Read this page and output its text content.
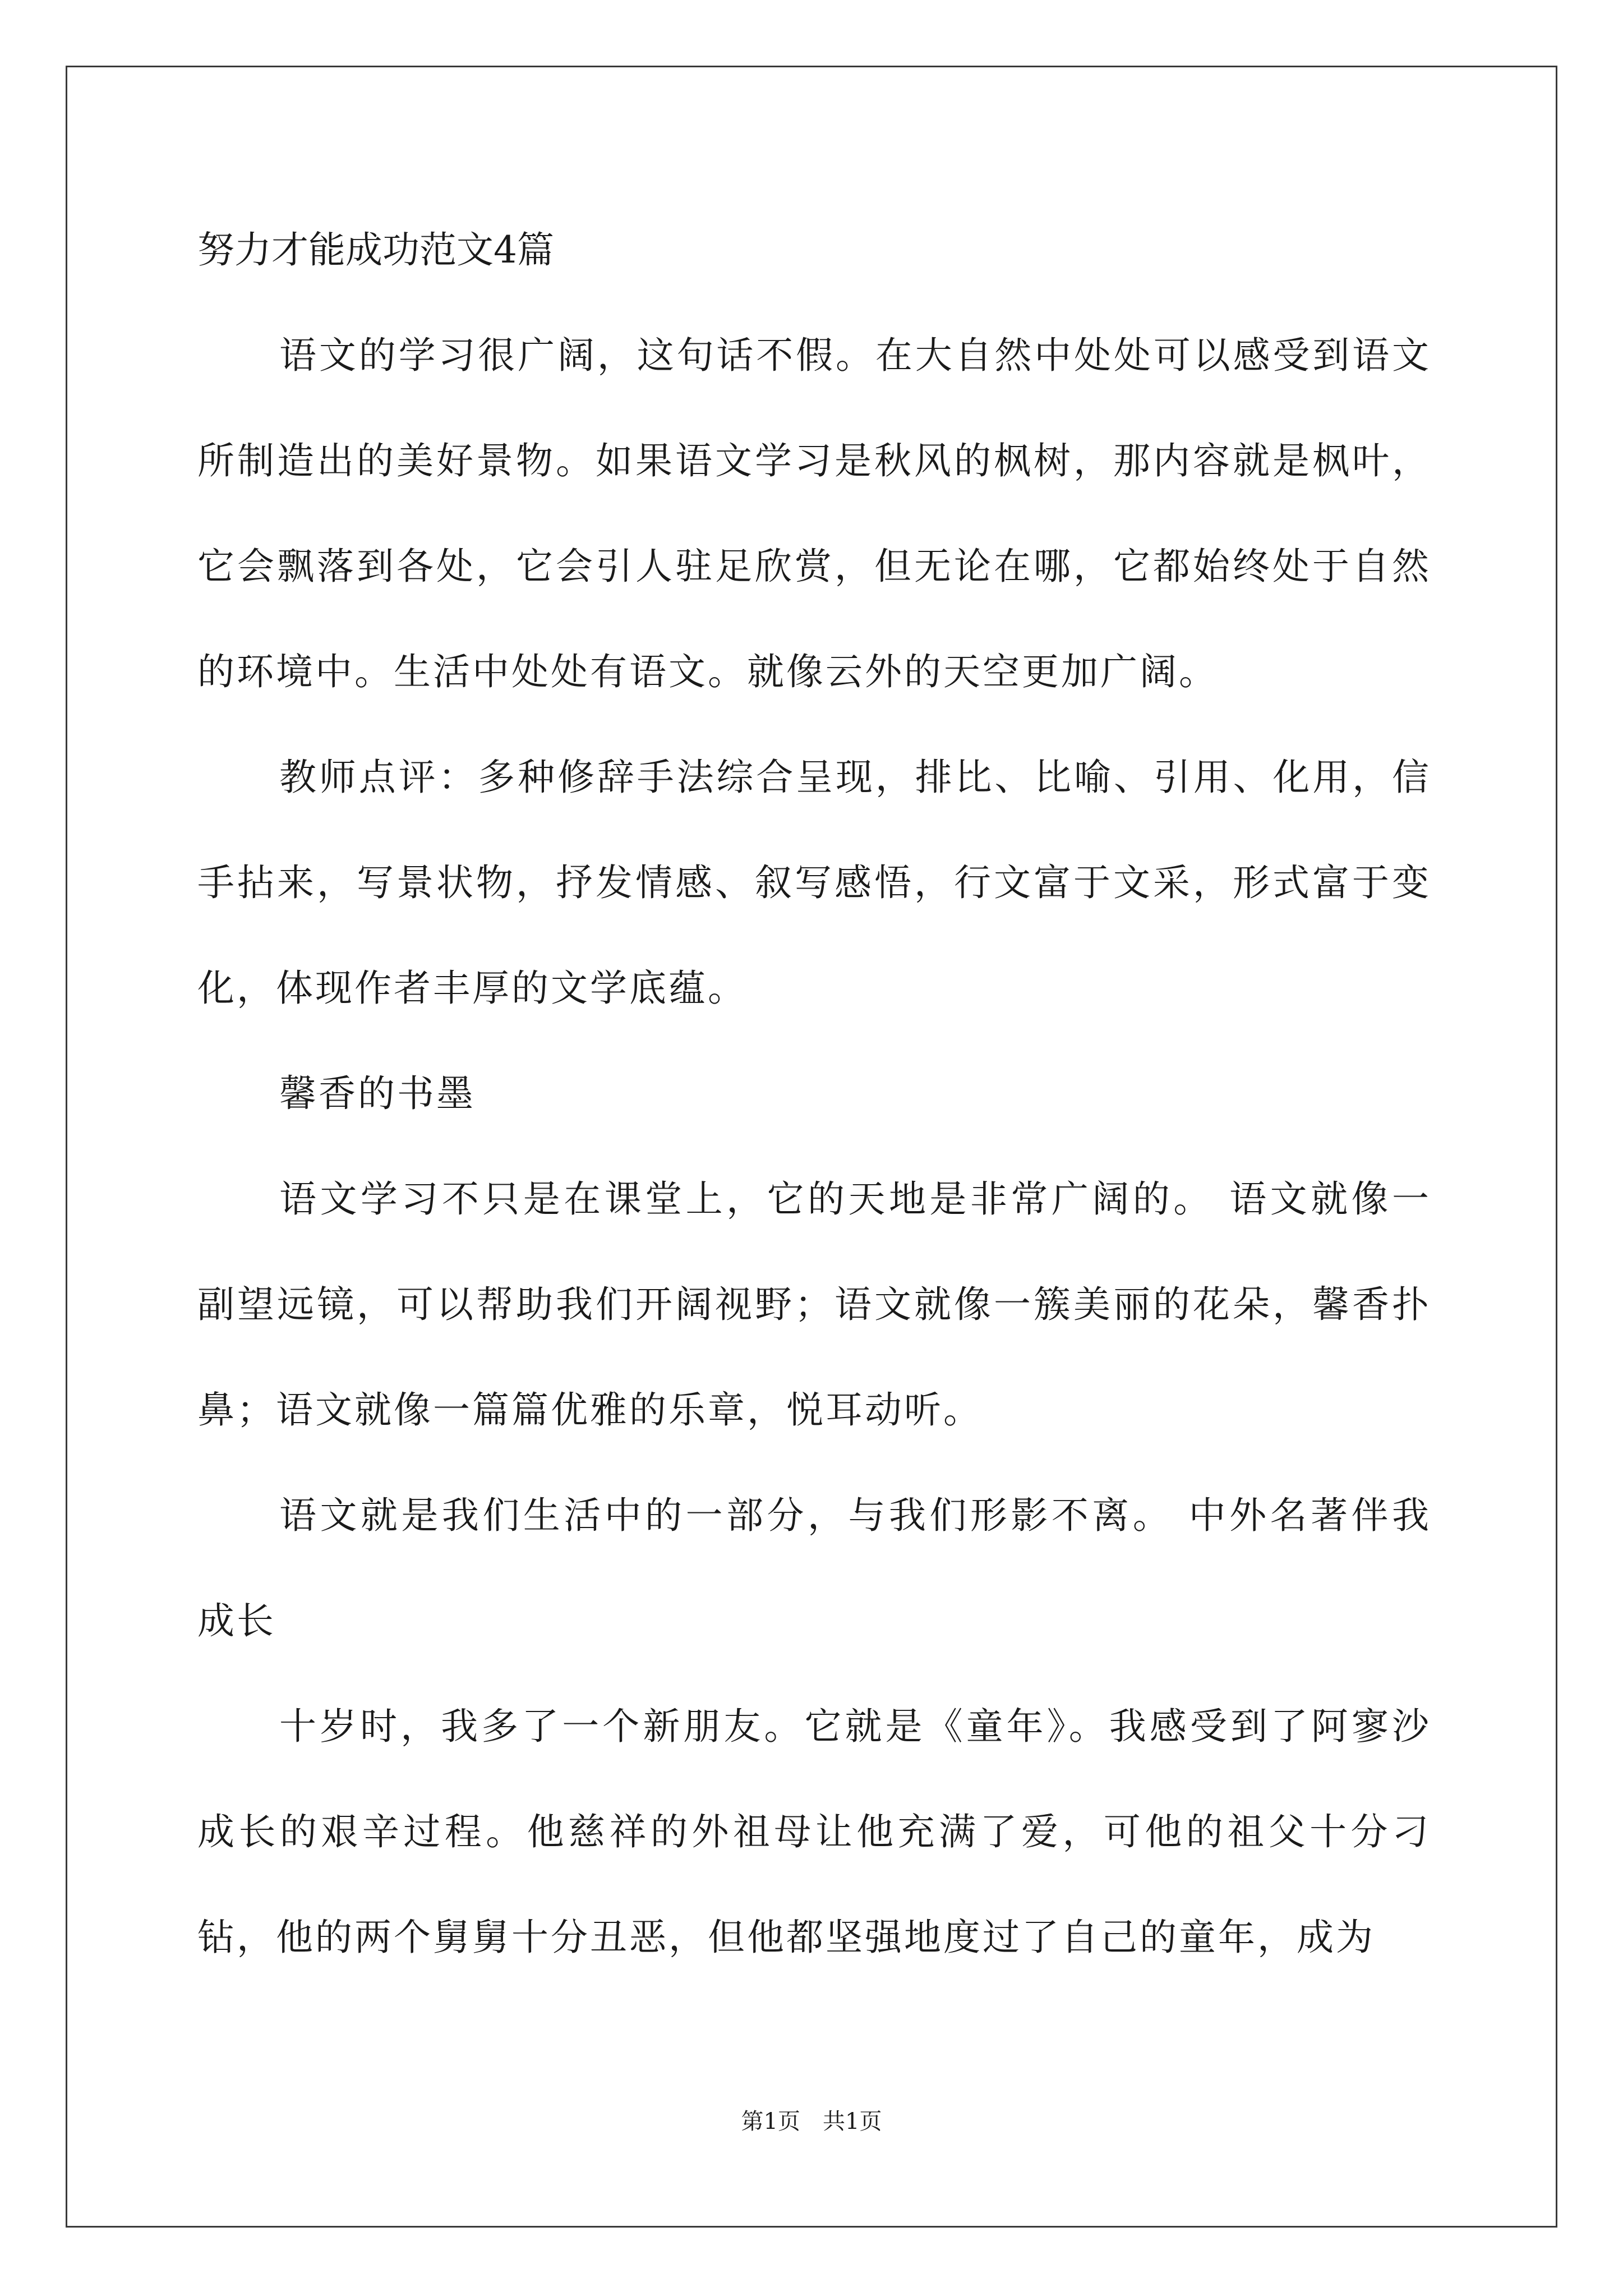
努力才能成功范文4篇

语文的学习很广阔，这句话不假。在大自然中处处可以感受到语文所制造出的美好景物。如果语文学习是秋风的枫树，那内容就是枫叶，它会飘落到各处，它会引人驻足欣赏，但无论在哪，它都始终处于自然的环境中。生活中处处有语文。就像云外的天空更加广阔。

教师点评：多种修辞手法综合呈现，排比、比喻、引用、化用，信手拈来，写景状物，抒发情感、叙写感悟，行文富于文采，形式富于变化，体现作者丰厚的文学底蕴。

馨香的书墨

语文学习不只是在课堂上，它的天地是非常广阔的。 语文就像一副望远镜，可以帮助我们开阔视野；语文就像一簇美丽的花朵，馨香扑鼻；语文就像一篇篇优雅的乐章，悦耳动听。

语文就是我们生活中的一部分，与我们形影不离。 中外名著伴我成长

十岁时，我多了一个新朋友。它就是《童年》。我感受到了阿寥沙成长的艰辛过程。他慈祥的外祖母让他充满了爱，可他的祖父十分刁钻，他的两个舅舅十分丑恶，但他都坚强地度过了自己的童年，成为

第1页　共1页
